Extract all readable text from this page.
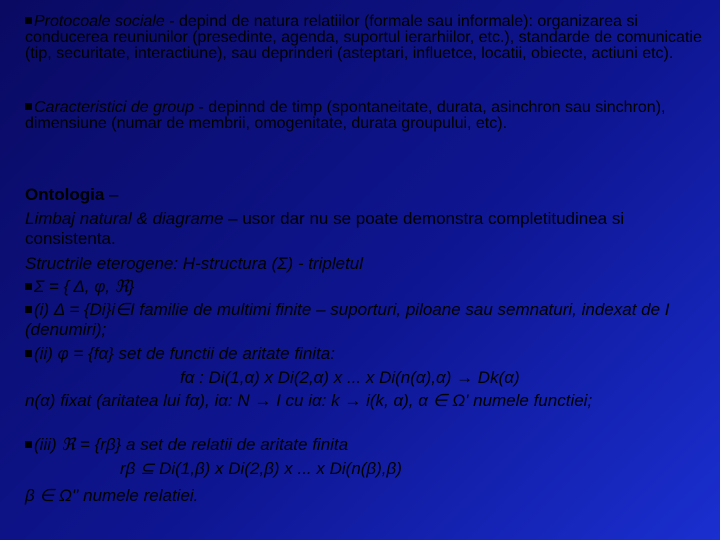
Protocoale sociale - depind de natura relatiilor (formale sau informale): organizarea si conducerea reuniunilor (presedinte, agenda, suportul ierarhiilor, etc.), standarde de comunicatie (tip, securitate, interactiune), sau deprinderi (asteptari, influetce, locatii, obiecte, actiuni etc).
Caracteristici de group - depinnd de timp (spontaneitate, durata, asinchron sau sinchron), dimensiune (numar de membrii, omogenitate, durata groupului, etc).
Ontologia –
Limbaj natural & diagrame – usor dar nu se poate demonstra completitudinea si consistenta.
Structrile eterogene: H-structura (Σ) - tripletul
Σ = { Δ, φ, ℜ}
(i) Δ = {Di}i∈I familie de multimi finite – suporturi, piloane sau semnaturi, indexat de I (denumiri);
(ii) φ = {fα} set de functii de aritate finita:
fα : Di(1,α) x Di(2,α) x ... x Di(n(α),α) → Dk(α)
n(α) fixat (aritatea lui fα), iα: N → I cu iα: k → i(k, α), α ∈ Ω' numele functiei;
(iii) ℜ = {rβ} a set de relatii de aritate finita
rβ ⊆ Di(1,β) x Di(2,β) x ... x Di(n(β),β)
β ∈ Ω'' numele relatiei.
